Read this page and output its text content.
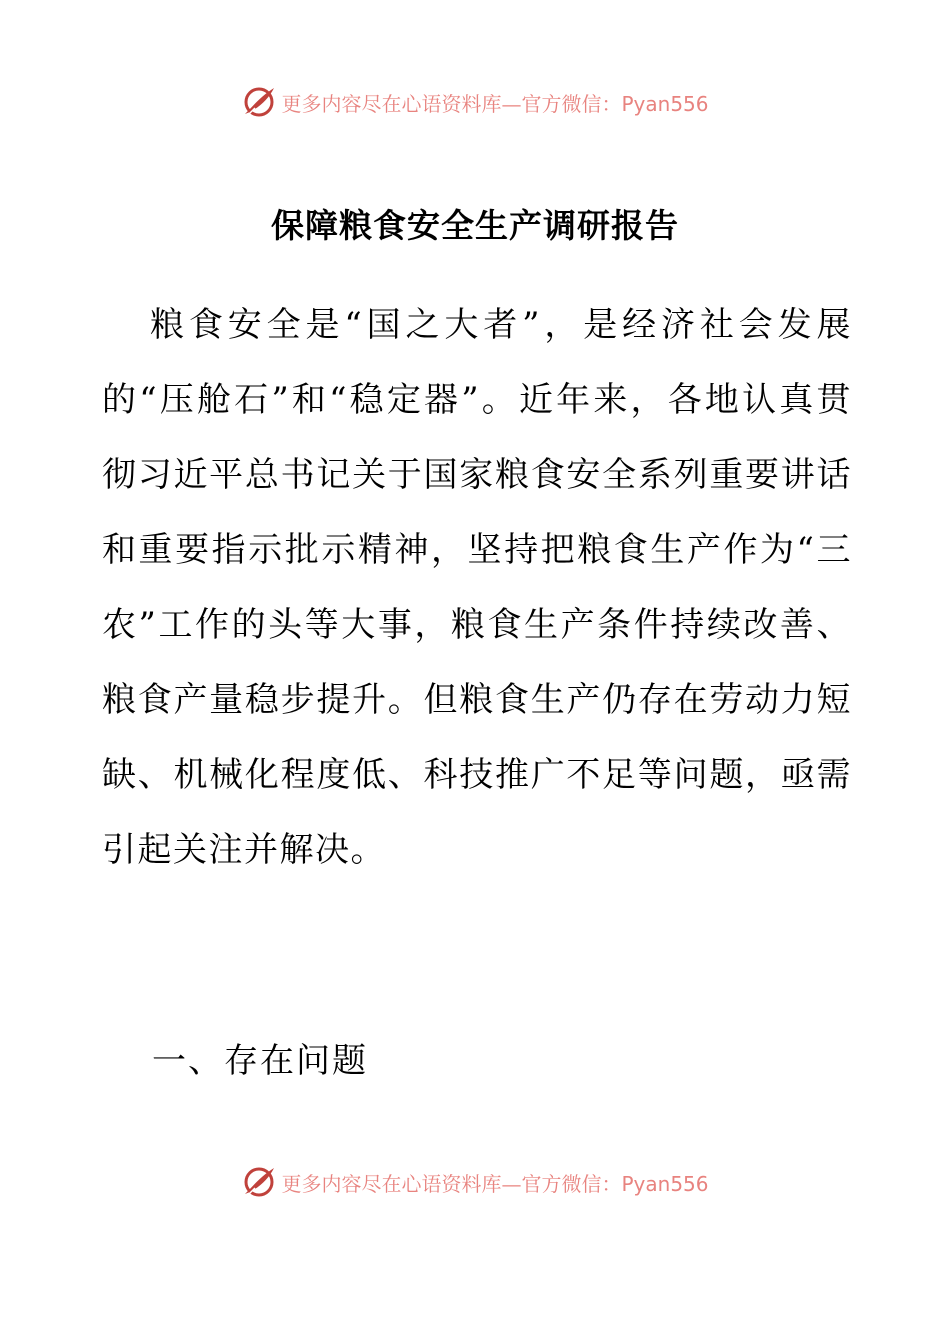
更多内容尽在心语资料库—官方微信：Pyan556
保障粮食安全生产调研报告

粮食安全是“国之大者”，是经济社会发展的“压舱石”和“稳定器”。近年来，各地认真贯彻习近平总书记关于国家粮食安全系列重要讲话和重要指示批示精神，坚持把粮食生产作为“三农”工作的头等大事，粮食生产条件持续改善、粮食产量稳步提升。但粮食生产仍存在劳动力短缺、机械化程度低、科技推广不足等问题，亟需引起关注并解决。

一、存在问题
更多内容尽在心语资料库—官方微信：Pyan556
